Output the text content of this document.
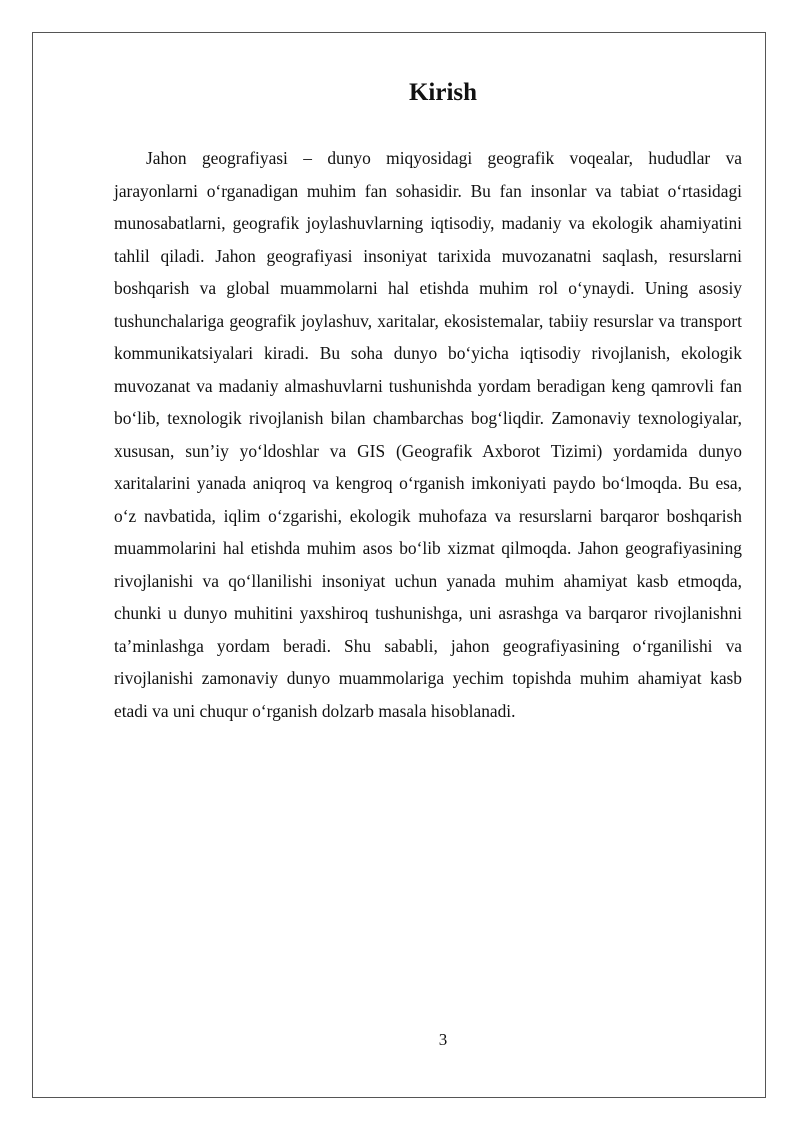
Kirish

Jahon geografiyasi – dunyo miqyosidagi geografik voqealar, hududlar va jarayonlarni o‘rganadigan muhim fan sohasidir. Bu fan insonlar va tabiat o‘rtasidagi munosabatlarni, geografik joylashuvlarning iqtisodiy, madaniy va ekologik ahamiyatini tahlil qiladi. Jahon geografiyasi insoniyat tarixida muvozanatni saqlash, resurslarni boshqarish va global muammolarni hal etishda muhim rol o‘ynaydi. Uning asosiy tushunchalariga geografik joylashuv, xaritalar, ekosistemalar, tabiiy resurslar va transport kommunikatsiyalari kiradi. Bu soha dunyo bo‘yicha iqtisodiy rivojlanish, ekologik muvozanat va madaniy almashuvlarni tushunishda yordam beradigan keng qamrovli fan bo‘lib, texnologik rivojlanish bilan chambarchas bog‘liqdir. Zamonaviy texnologiyalar, xususan, sun’iy yo‘ldoshlar va GIS (Geografik Axborot Tizimi) yordamida dunyo xaritalarini yanada aniqroq va kengroq o‘rganish imkoniyati paydo bo‘lmoqda. Bu esa, o‘z navbatida, iqlim o‘zgarishi, ekologik muhofaza va resurslarni barqaror boshqarish muammolarini hal etishda muhim asos bo‘lib xizmat qilmoqda. Jahon geografiyasining rivojlanishi va qo‘llanilishi insoniyat uchun yanada muhim ahamiyat kasb etmoqda, chunki u dunyo muhitini yaxshiroq tushunishga, uni asrashga va barqaror rivojlanishni ta’minlashga yordam beradi. Shu sababli, jahon geografiyasining o‘rganilishi va rivojlanishi zamonaviy dunyo muammolariga yechim topishda muhim ahamiyat kasb etadi va uni chuqur o‘rganish dolzarb masala hisoblanadi.

3
